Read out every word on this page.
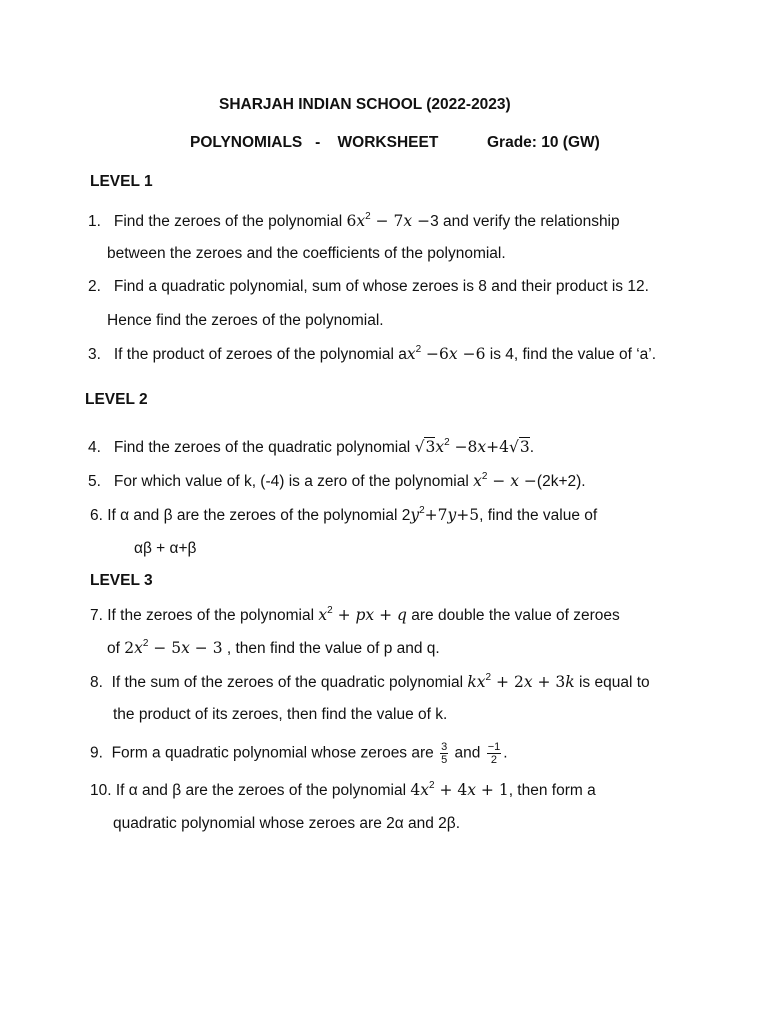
SHARJAH INDIAN SCHOOL (2022-2023)
POLYNOMIALS   -    WORKSHEET	Grade: 10 (GW)
LEVEL 1
1. Find the zeroes of the polynomial $6x^2 - 7x -3$ and verify the relationship
between the zeroes and the coefficients of the polynomial.
2. Find a quadratic polynomial, sum of whose zeroes is 8 and their product is 12.
Hence find the zeroes of the polynomial.
3. If the product of zeroes of the polynomial $ax^2 -6x -6$ is 4, find the value of ‘a’.
LEVEL 2
4. Find the zeroes of the quadratic polynomial $√3x^2 -8x+4√3$.
5. For which value of k, (-4) is a zero of the polynomial $x^2 - x -(2k+2)$.
6. If α and β are the zeroes of the polynomial $2y^2+7y+5$, find the value of
αβ + α+β
LEVEL 3
7. If the zeroes of the polynomial $x^2$ + px + q are double the value of zeroes
of $2x^2 - 5x - 3$ , then find the value of p and q.
8. If the sum of the zeroes of the quadratic polynomial $kx^2 + 2x + 3k$ is equal to
the product of its zeroes, then find the value of k.
9. Form a quadratic polynomial whose zeroes are $\frac{3}{5}$ and $\frac{-1}{2}$ .
10. If α and β are the zeroes of the polynomial $4x^2 + 4x + 1$, then form a
quadratic polynomial whose zeroes are 2α and 2β.
